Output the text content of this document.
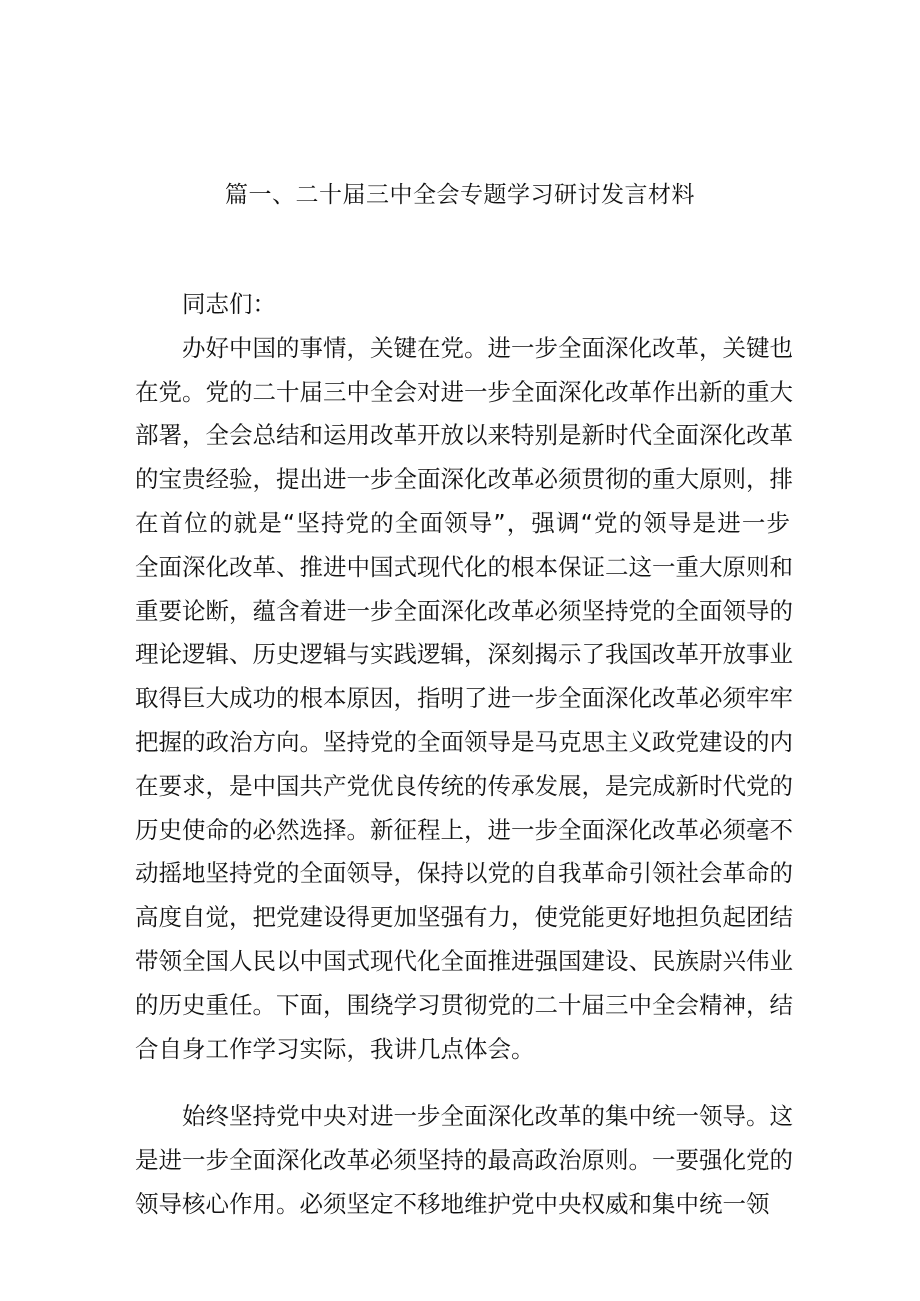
篇一、二十届三中全会专题学习研讨发言材料
同志们：
办好中国的事情，关键在党。进一步全面深化改革，关键也
在党。党的二十届三中全会对进一步全面深化改革作出新的重大
部署，全会总结和运用改革开放以来特别是新时代全面深化改革
的宝贵经验，提出进一步全面深化改革必须贯彻的重大原则，排
在首位的就是“坚持党的全面领导”，强调“党的领导是进一步
全面深化改革、推进中国式现代化的根本保证二这一重大原则和
重要论断，蕴含着进一步全面深化改革必须坚持党的全面领导的
理论逻辑、历史逻辑与实践逻辑，深刻揭示了我国改革开放事业
取得巨大成功的根本原因，指明了进一步全面深化改革必须牢牢
把握的政治方向。坚持党的全面领导是马克思主义政党建设的内
在要求，是中国共产党优良传统的传承发展，是完成新时代党的
历史使命的必然选择。新征程上，进一步全面深化改革必须毫不
动摇地坚持党的全面领导，保持以党的自我革命引领社会革命的
高度自觉，把党建设得更加坚强有力，使党能更好地担负起团结
带领全国人民以中国式现代化全面推进强国建设、民族尉兴伟业
的历史重任。下面，围绕学习贯彻党的二十届三中全会精神，结
合自身工作学习实际，我讲几点体会。
始终坚持党中央对进一步全面深化改革的集中统一领导。这
是进一步全面深化改革必须坚持的最高政治原则。一要强化党的
领导核心作用。必须坚定不移地维护党中央权威和集中统一领
